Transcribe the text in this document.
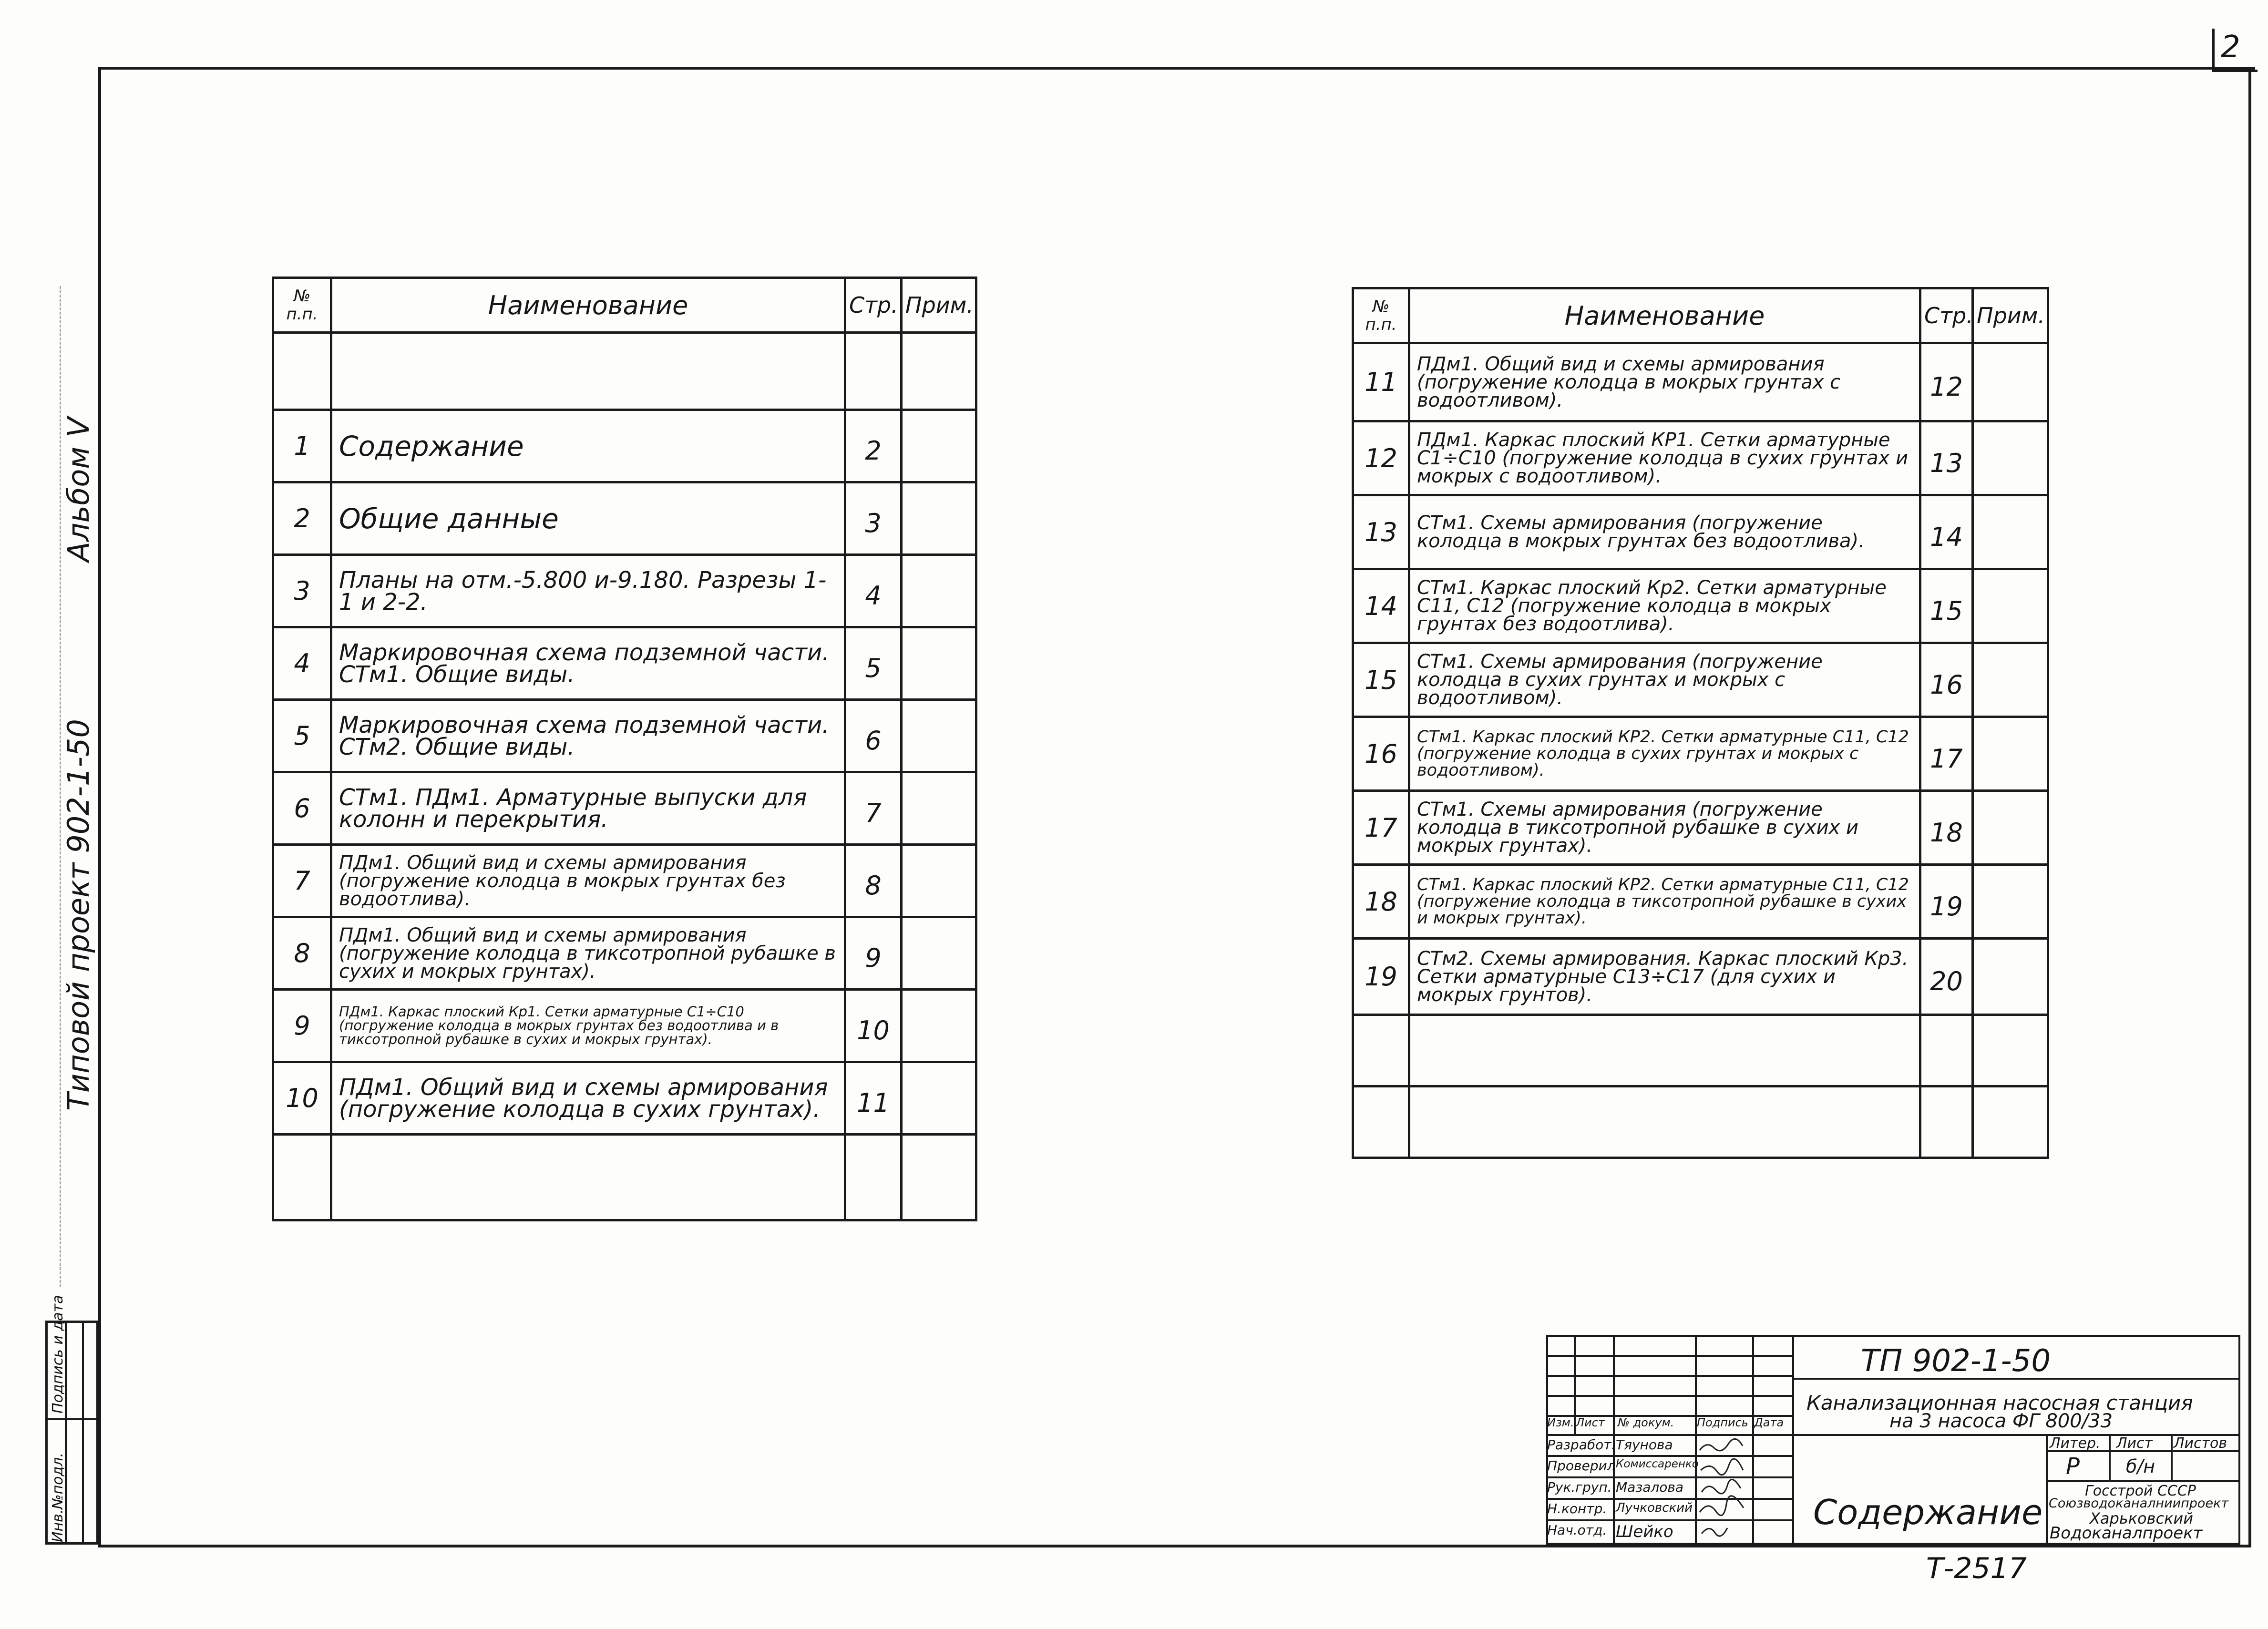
2
Типовой проект 902-1-50 Альбом V
Инв.№подл.
Подпись и дата
№ п.п.	Наименование	Стр.	Прим.

1	Содержание	2	
2	Общие данные	3	
3	Планы на отм.-5.800 и-9.180. Разрезы 1-1 и 2-2.	4	
4	Маркировочная схема подземной части. СТм1. Общие виды.	5	
5	Маркировочная схема подземной части. СТм2. Общие виды.	6	
6	СТм1. ПДм1. Арматурные выпуски для колонн и перекрытия.	7	
7	ПДм1. Общий вид и схемы армирования (погружение колодца в мокрых грунтах без водоотлива).	8	
8	ПДм1. Общий вид и схемы армирования (погружение колодца в тиксотропной рубашке в сухих и мокрых грунтах).	9	
9	ПДм1. Каркас плоский Кр1. Сетки арматурные С1÷С10 (погружение колодца в мокрых грунтах без водоотлива и в тиксотропной рубашке в сухих и мокрых грунтах).	10	
10	ПДм1. Общий вид и схемы армирования (погружение колодца в сухих грунтах).	11	

№ п.п.	Наименование	Стр.	Прим.
11	ПДм1. Общий вид и схемы армирования (погружение колодца в мокрых грунтах с водоотливом).	12	
12	ПДм1. Каркас плоский КР1. Сетки арматурные С1÷С10 (погружение колодца в сухих грунтах и мокрых с водоотливом).	13	
13	СТм1. Схемы армирования (погружение колодца в мокрых грунтах без водоотлива).	14	
14	СТм1. Каркас плоский Кр2. Сетки арматурные С11, С12 (погружение колодца в мокрых грунтах без водоотлива).	15	
15	СТм1. Схемы армирования (погружение колодца в сухих грунтах и мокрых с водоотливом).	16	
16	СТм1. Каркас плоский КР2. Сетки арматурные С11, С12 (погружение колодца в сухих грунтах и мокрых с водоотливом).	17	
17	СТм1. Схемы армирования (погружение колодца в тиксотропной рубашке в сухих и мокрых грунтах).	18	
18	СТм1. Каркас плоский КР2. Сетки арматурные С11, С12 (погружение колодца в тиксотропной рубашке в сухих и мокрых грунтах).	19	
19	СТм2. Схемы армирования. Каркас плоский Кр3. Сетки арматурные С13÷С17 (для сухих и мокрых грунтов).	20	

Изм. Лист № докум. Подпись Дата
Разработ. Тяунова
Проверил Комиссаренко
Рук.груп. Мазалова
Н.контр. Лучковский
Нач.отд. Шейко
ТП 902-1-50
Канализационная насосная станция
на 3 насоса ФГ 800/33
Содержание
Литер. Лист Листов
Р	б/н
Госстрой СССР
Союзводоканалниипроект
Харьковский
Водоканалпроект
Т-2517
